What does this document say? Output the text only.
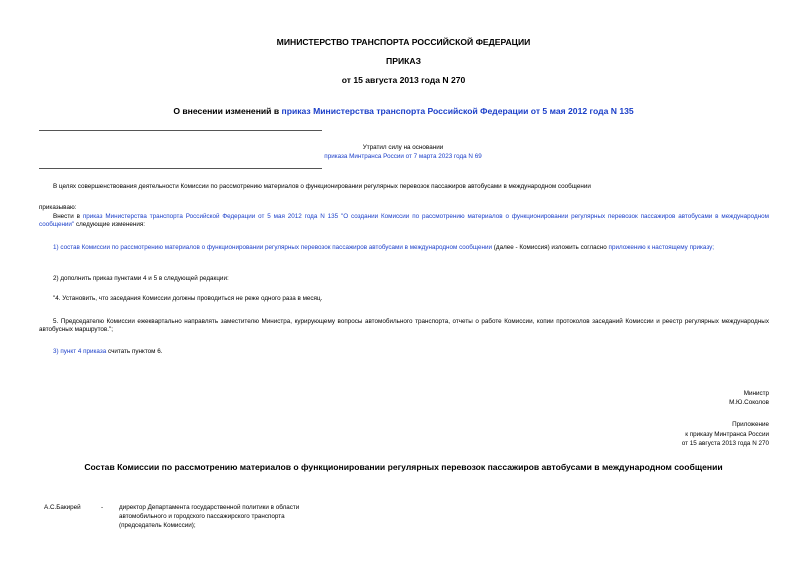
МИНИСТЕРСТВО ТРАНСПОРТА РОССИЙСКОЙ ФЕДЕРАЦИИ
ПРИКАЗ
от 15 августа 2013 года N 270
О внесении изменений в приказ Министерства транспорта Российской Федерации от 5 мая 2012 года N 135
Утратил силу на основании
приказа Минтранса России от 7 марта 2023 года N 69
В целях совершенствования деятельности Комиссии по рассмотрению материалов о функционировании регулярных перевозок пассажиров автобусами в международном сообщении
приказываю:
Внести в приказ Министерства транспорта Российской Федерации от 5 мая 2012 года N 135 "О создании Комиссии по рассмотрению материалов о функционировании регулярных перевозок пассажиров автобусами в международном сообщении" следующие изменения:
1) состав Комиссии по рассмотрению материалов о функционировании регулярных перевозок пассажиров автобусами в международном сообщении (далее - Комиссия) изложить согласно приложению к настоящему приказу;
2) дополнить приказ пунктами 4 и 5 в следующей редакции:
"4. Установить, что заседания Комиссии должны проводиться не реже одного раза в месяц.
5. Председателю Комиссии ежеквартально направлять заместителю Министра, курирующему вопросы автомобильного транспорта, отчеты о работе Комиссии, копии протоколов заседаний Комиссии и реестр регулярных международных автобусных маршрутов.";
3) пункт 4 приказа считать пунктом 6.
Министр
М.Ю.Соколов
Приложение
к приказу Минтранса России
от 15 августа 2013 года N 270
Состав Комиссии по рассмотрению материалов о функционировании регулярных перевозок пассажиров автобусами в международном сообщении
А.С.Бакирей	-	директор Департамента государственной политики в области
автомобильного и городского пассажирского транспорта
(председатель Комиссии);
